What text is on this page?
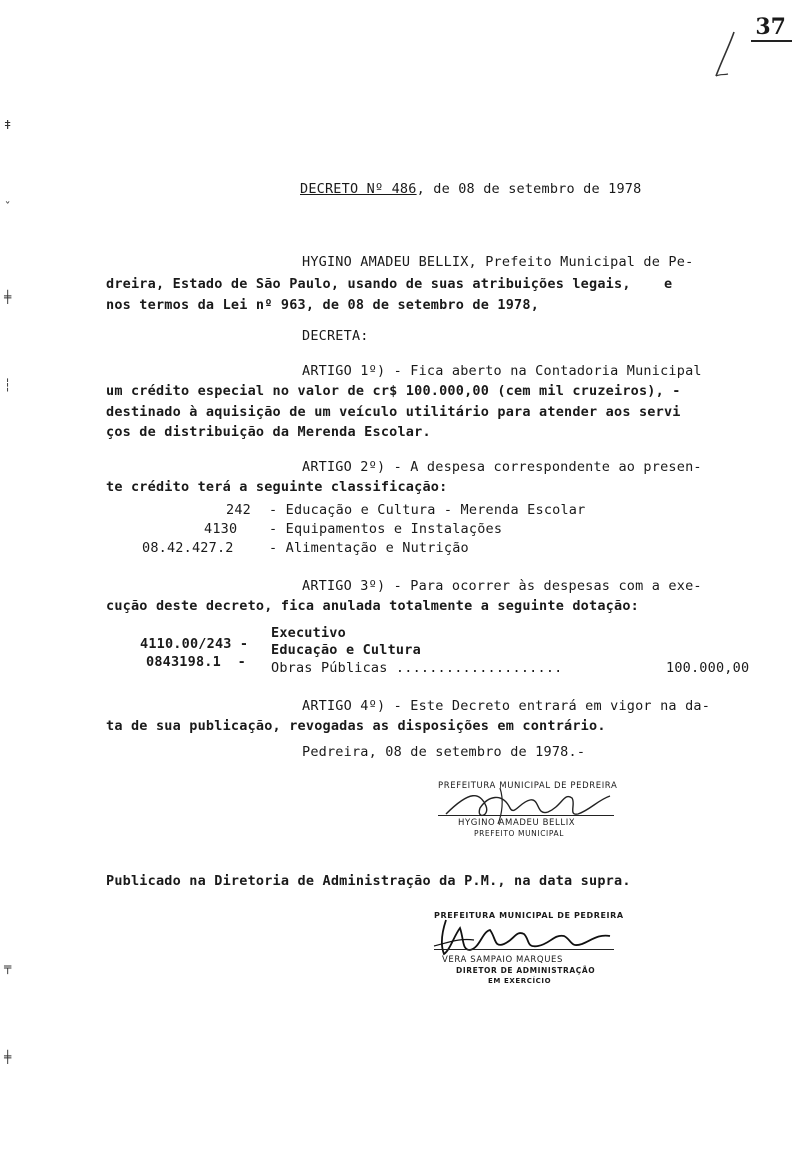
37
ǂ
ˇ
╪
┆
╤
╪
DECRETO Nº 486, de 08 de setembro de 1978
HYGINO AMADEU BELLIX, Prefeito Municipal de Pe-
dreira, Estado de São Paulo, usando de suas atribuições legais,    e
nos termos da Lei nº 963, de 08 de setembro de 1978,
DECRETA:
ARTIGO 1º) - Fica aberto na Contadoria Municipal
um crédito especial no valor de cr$ 100.000,00 (cem mil cruzeiros), -
destinado à aquisição de um veículo utilitário para atender aos servi
ços de distribuição da Merenda Escolar.
ARTIGO 2º) - A despesa correspondente ao presen-
te crédito terá a seguinte classificação:
242 - Educação e Cultura - Merenda Escolar
4130 - Equipamentos e Instalações
08.42.427.2	- Alimentação e Nutrição
ARTIGO 3º) - Para ocorrer às despesas com a exe-
cução deste decreto, fica anulada totalmente a seguinte dotação:
4110.00/243 -
0843198.1  -
Executivo
Educação e Cultura
Obras Públicas ....................	100.000,00
ARTIGO 4º) - Este Decreto entrará em vigor na da-
ta de sua publicação, revogadas as disposições em contrário.
Pedreira, 08 de setembro de 1978.-
PREFEITURA MUNICIPAL DE PEDREIRA
HYGINO AMADEU BELLIX
PREFEITO MUNICIPAL
Publicado na Diretoria de Administração da P.M., na data supra.
PREFEITURA MUNICIPAL DE PEDREIRA
VERA SAMPAIO MARQUES
DIRETOR DE ADMINISTRAÇÃO
EM EXERCÍCIO
